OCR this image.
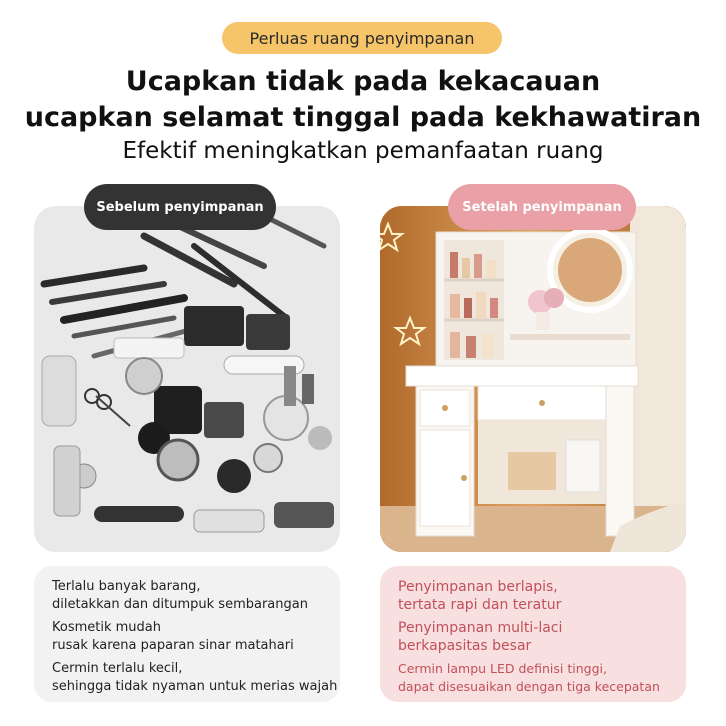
Perluas ruang penyimpanan
Ucapkan tidak pada kekacauan
ucapkan selamat tinggal pada kekhawatiran
Efektif meningkatkan pemanfaatan ruang
Sebelum penyimpanan	Setelah penyimpanan

Terlalu banyak barang,

diletakkan dan ditumpuk sembarangan

Kosmetik mudah

rusak karena paparan sinar matahari

Cermin terlalu kecil,

sehingga tidak nyaman untuk merias wajah

Penyimpanan berlapis,

tertata rapi dan teratur

Penyimpanan multi-laci

berkapasitas besar

Cermin lampu LED definisi tinggi,

dapat disesuaikan dengan tiga kecepatan
